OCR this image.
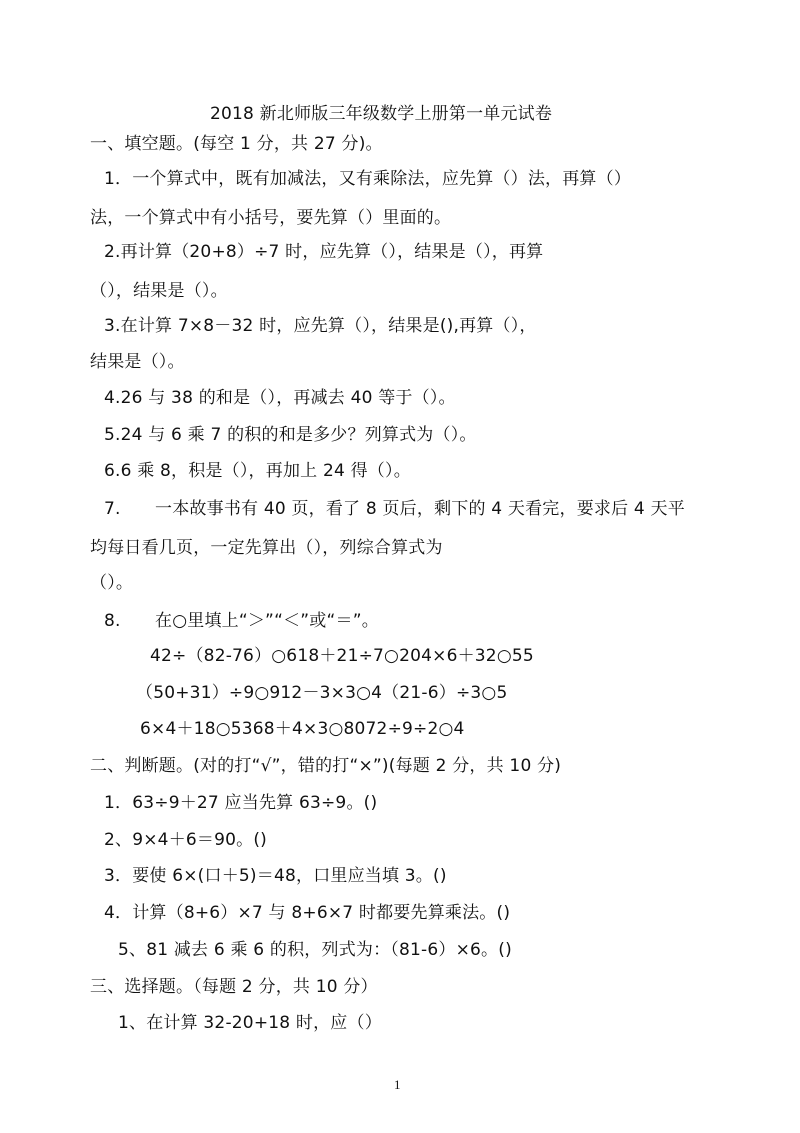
2018 新北师版三年级数学上册第一单元试卷
一、填空题。(每空 1 分，共 27 分)。
1．一个算式中，既有加减法，又有乘除法，应先算（）法，再算（）
法，一个算式中有小括号，要先算（）里面的。
2.再计算（20+8）÷7 时，应先算（），结果是（），再算
（），结果是（）。
3.在计算 7×8－32 时，应先算（），结果是(),再算（），
结果是（）。
4.26 与 38 的和是（），再减去 40 等于（）。
5.24 与 6 乘 7 的积的和是多少？列算式为（）。
6.6 乘 8，积是（），再加上 24 得（）。
7.　　一本故事书有 40 页，看了 8 页后，剩下的 4 天看完，要求后 4 天平
均每日看几页，一定先算出（），列综合算式为
（）。
8.　　在○里填上“＞”“＜”或“＝”。
42÷（82-76）○618＋21÷7○204×6＋32○55
（50+31）÷9○912－3×3○4（21-6）÷3○5
6×4＋18○5368＋4×3○8072÷9÷2○4
二、判断题。(对的打“√”，错的打“×”)(每题 2 分，共 10 分)
1．63÷9＋27 应当先算 63÷9。()
2、9×4＋6＝90。()
3．要使 6×(口＋5)＝48，口里应当填 3。()
4．计算（8+6）×7 与 8+6×7 时都要先算乘法。()
5、81 减去 6 乘 6 的积，列式为：（81-6）×6。()
三、选择题。（每题 2 分，共 10 分）
1、在计算 32-20+18 时，应（）
1
